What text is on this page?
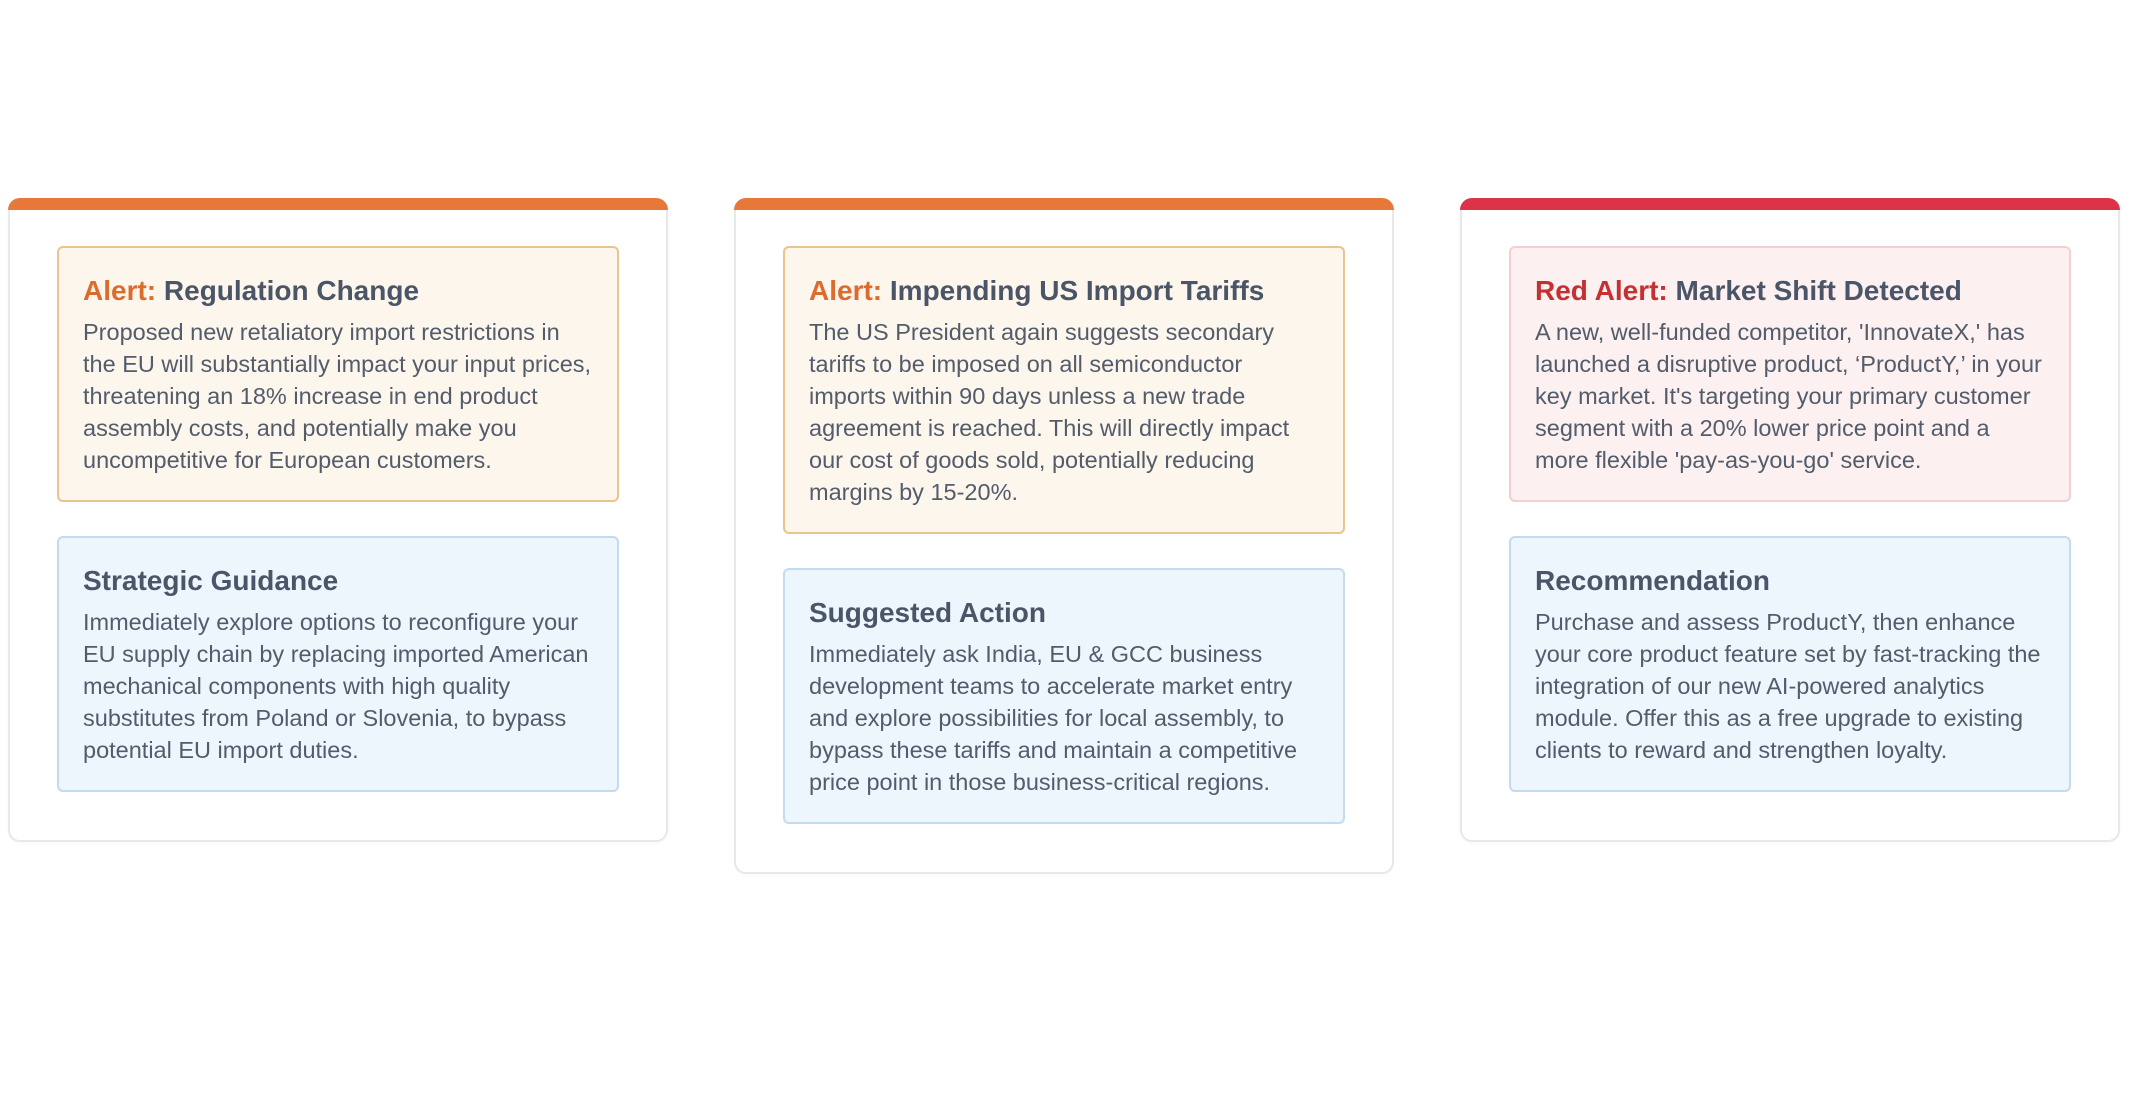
Alert: Regulation Change

Proposed new retaliatory import restrictions in the EU will substantially impact your input prices, threatening an 18% increase in end product assembly costs, and potentially make you uncompetitive for European customers.

Strategic Guidance

Immediately explore options to reconfigure your EU supply chain by replacing imported American mechanical components with high quality substitutes from Poland or Slovenia, to bypass potential EU import duties.

Alert: Impending US Import Tariffs

The US President again suggests secondary tariffs to be imposed on all semiconductor imports within 90 days unless a new trade agreement is reached. This will directly impact our cost of goods sold, potentially reducing margins by 15-20%.

Suggested Action

Immediately ask India, EU & GCC business development teams to accelerate market entry and explore possibilities for local assembly, to bypass these tariffs and maintain a competitive price point in those business-critical regions.

Red Alert: Market Shift Detected

A new, well-funded competitor, 'InnovateX,' has launched a disruptive product, ‘ProductY,’ in your key market. It's targeting your primary customer segment with a 20% lower price point and a more flexible 'pay-as-you-go' service.

Recommendation

Purchase and assess ProductY, then enhance your core product feature set by fast-tracking the integration of our new AI-powered analytics module. Offer this as a free upgrade to existing clients to reward and strengthen loyalty.
